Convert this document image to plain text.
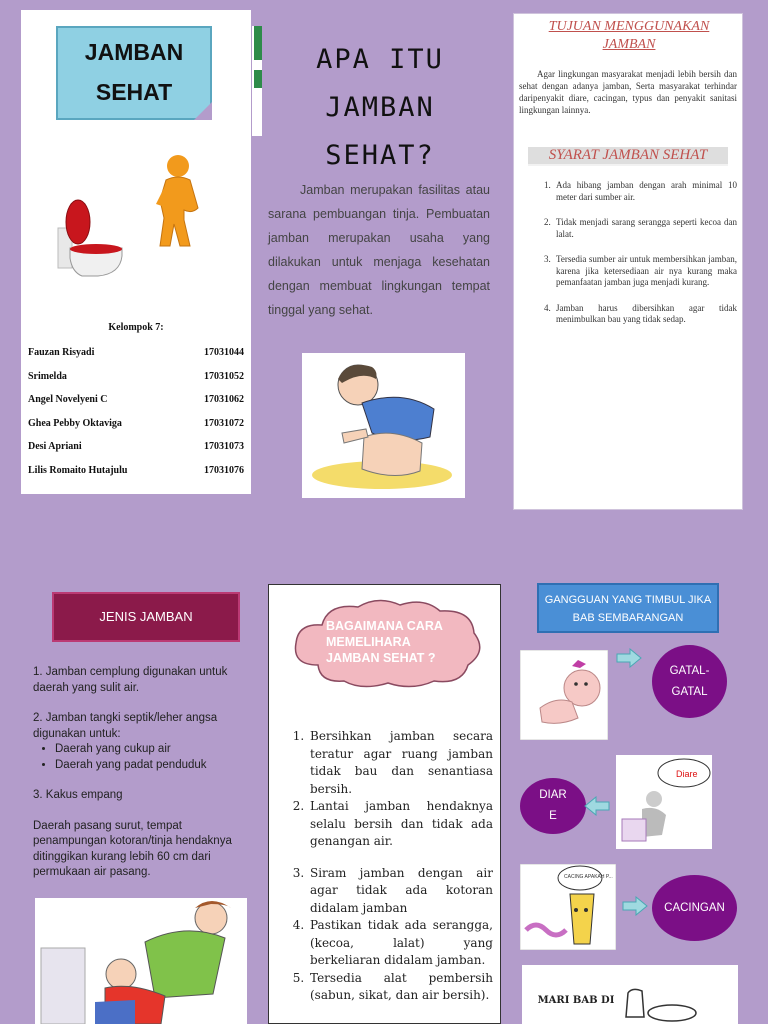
JAMBAN
SEHAT
Kelompok 7:
Fauzan Risyadi	17031044
Srimelda	17031052
Angel Novelyeni C	17031062
Ghea Pebby Oktaviga	17031072
Desi Apriani	17031073
Lilis Romaito Hutajulu	17031076
APA ITU
JAMBAN
SEHAT?

Jamban merupakan fasilitas atau sarana pembuangan tinja. Pembuatan jamban merupakan usaha yang dilakukan untuk menjaga kesehatan dengan membuat lingkungan tempat tinggal yang sehat.

TUJUAN MENGGUNAKAN JAMBAN

Agar lingkungan masyarakat menjadi lebih bersih dan sehat dengan adanya jamban, Serta masyarakat terhindar daripenyakit diare, cacingan, typus dan penyakit sanitasi lingkungan lainnya.

SYARAT JAMBAN SEHAT
1. Ada hibang jamban dengan arah minimal 10 meter dari sumber air.
2. Tidak menjadi sarang serangga seperti kecoa dan lalat.
3. Tersedia sumber air untuk membersihkan jamban, karena jika ketersediaan air nya kurang maka pemanfaatan jamban juga menjadi kurang.
4. Jamban harus dibersihkan agar tidak menimbulkan bau yang tidak sedap.
JENIS JAMBAN

1. Jamban cemplung digunakan untuk daerah yang sulit air.

2. Jamban tangki septik/leher angsa digunakan untuk:
• Daerah yang cukup air
• Daerah yang padat penduduk

3. Kakus empang

Daerah pasang surut, tempat penampungan kotoran/tinja hendaknya ditinggikan kurang lebih 60 cm dari permukaan air pasang.

BAGAIMANA CARA MEMELIHARA JAMBAN SEHAT ?
1. Bersihkan jamban secara teratur agar ruang jamban tidak bau dan senantiasa bersih.
2. Lantai jamban hendaknya selalu bersih dan tidak ada genangan air.
3. Siram jamban dengan air agar tidak ada kotoran didalam jamban
4. Pastikan tidak ada serangga, (kecoa, lalat) yang berkeliaran didalam jamban.
5. Tersedia alat pembersih (sabun, sikat, dan air bersih).
GANGGUAN YANG TIMBUL JIKA BAB SEMBARANGAN
GATAL-GATAL
DIARE
Diare
CACING APAKAH P...
CACINGAN
MARI BAB DI
